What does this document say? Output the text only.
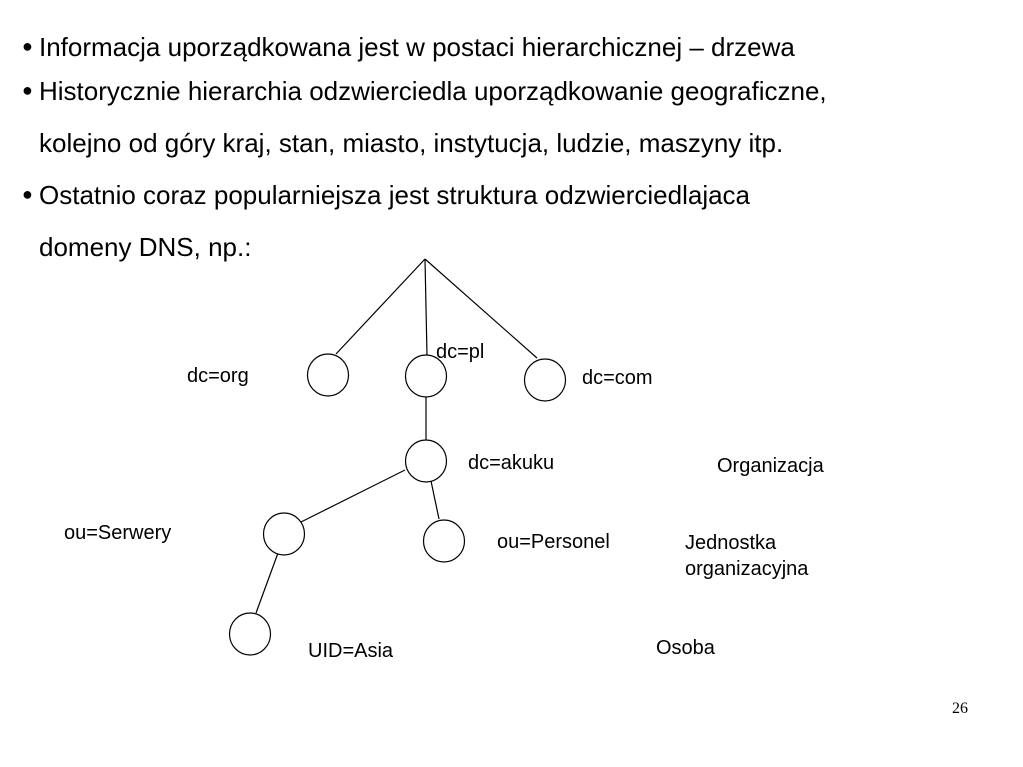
● Informacja uporządkowana jest w postaci hierarchicznej – drzewa
● Historycznie hierarchia odzwierciedla uporządkowanie geograficzne,
kolejno od góry kraj, stan, miasto, instytucja, ludzie, maszyny itp.
● Ostatnio coraz popularniejsza jest struktura odzwierciedlajaca
domeny DNS, np.:
dc=org
dc=pl
dc=com
dc=akuku
ou=Serwery	ou=Personel
UID=Asia
Organizacja
Jednostka
organizacyjna
Osoba
26
